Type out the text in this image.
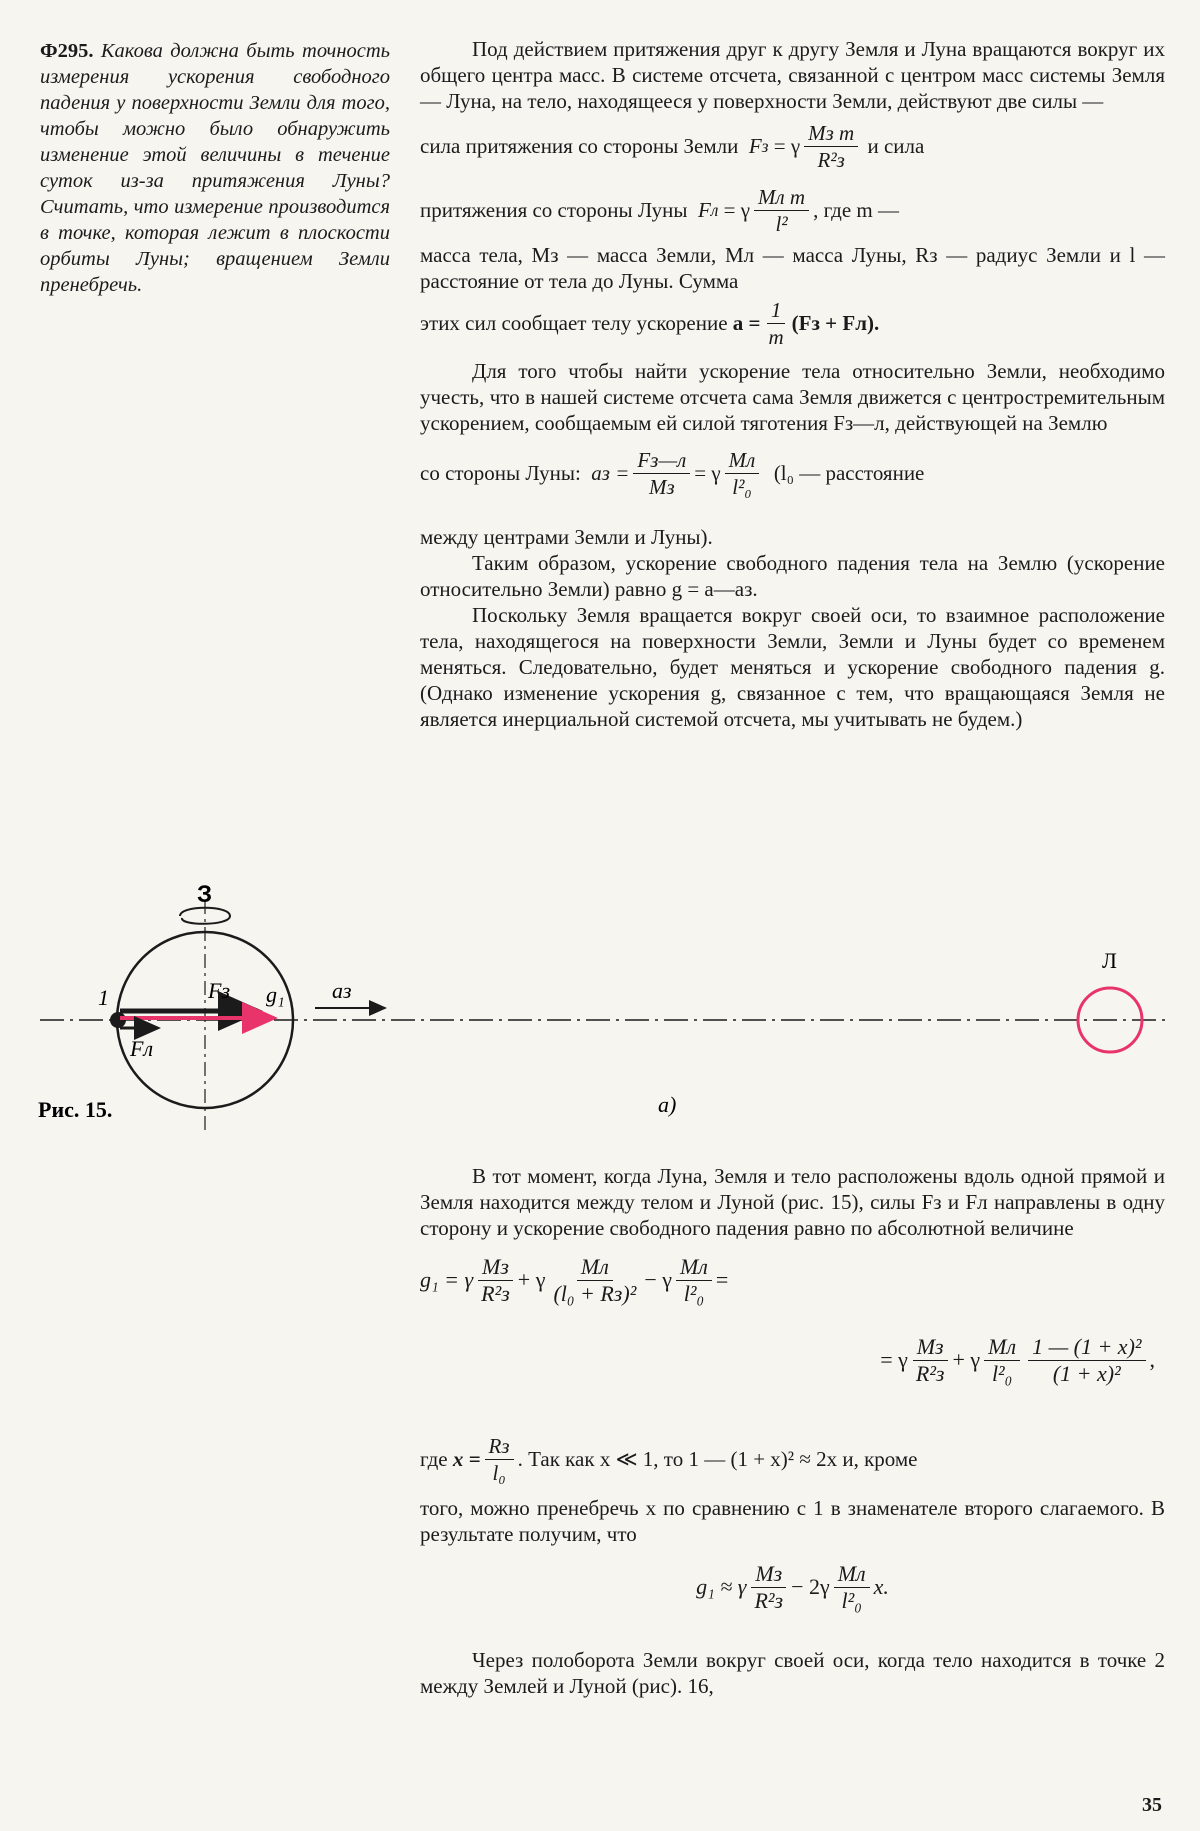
Ф295. Какова должна быть точность измерения ускорения свободного падения у поверхности Земли для того, чтобы можно было обнаружить изменение этой величины в течение суток из-за притяжения Луны? Считать, что измерение производится в точке, которая лежит в плоскости орбиты Луны; вращением Земли пренебречь.

Под действием притяжения друг к другу Земля и Луна вращаются вокруг их общего центра масс. В системе отсчета, связанной с центром масс системы Земля — Луна, на тело, находящееся у поверхности Земли, действуют две силы —

сила притяжения со стороны Земли
F з
= γ $\frac{\text{Mз m}}{\text{R²з}}$
и сила
притяжения со стороны Луны
F л
= γ $\frac{\text{Mл m}}{\text{l²}}$ , где m —

масса тела, Mз — масса Земли, Mл — масса Луны, Rз — радиус Земли и l — расстояние от тела до Луны. Сумма

этих сил сообщает телу ускорение
$a = \frac{1}{m} (Fз + Fл)$.

Для того чтобы найти ускорение тела относительно Земли, необходимо учесть, что в нашей системе отсчета сама Земля движется с центростремительным ускорением, сообщаемым ей силой тяготения Fз—л, действующей на Землю

со стороны Луны:
aз = $\frac{Fз—л}{Mз} = \gamma \frac{Mл}{\text{l²₀}}$
(l₀ — расстояние

между центрами Земли и Луны).

Таким образом, ускорение свободного падения тела на Землю (ускорение относительно Земли) равно g = a—aз.

Поскольку Земля вращается вокруг своей оси, то взаимное расположение тела, находящегося на поверхности Земли, Земли и Луны будет со временем меняться. Следовательно, будет меняться и ускорение свободного падения g. (Однако изменение ускорения g, связанное с тем, что вращающаяся Земля не является инерциальной системой отсчета, мы учитывать не будем.)

З
1	Fз g₁
Fл
aз
Л
Рис. 15.	а)

В тот момент, когда Луна, Земля и тело расположены вдоль одной прямой и Земля находится между телом и Луной (рис. 15), силы Fз и Fл направлены в одну сторону и ускорение свободного падения равно по абсолютной величине

g₁ = γ $\frac{Mз}{\text{R²з}} + \gamma \frac{Mл}{\text{(l₀ + Rз)²}} - \gamma \frac{Mл}{\text{l²₀}}$ =
= γ $\frac{Mз}{\text{R²з}} + \gamma \frac{Mл}{\text{l²₀}} \frac{\text{1 — (1 + x)²}}{\text{(1 + x)²}}$ ,
где
$x = \frac{Rз}{\text{l₀}}$ . Так как x ≪ 1, то 1 — (1 + x)² ≈ 2x и, кроме

того, можно пренебречь x по сравнению с 1 в знаменателе второго слагаемого. В результате получим, что

g₁ ≈ γ $\frac{Mз}{\text{R²з}} - 2\gamma \frac{Mл}{\text{l²₀}} x$.

Через полоборота Земли вокруг своей оси, когда тело находится в точке 2 между Землей и Луной (рис). 16,

35
